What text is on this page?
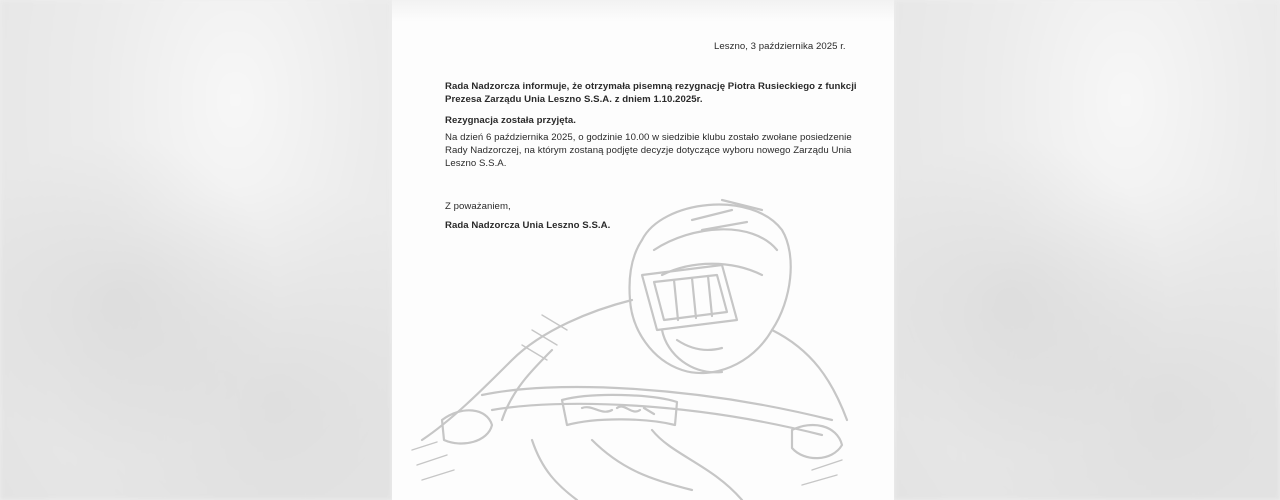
Leszno, 3 października 2025 r.
Rada Nadzorcza informuje, że otrzymała pisemną rezygnację Piotra Rusieckiego z funkcji
Prezesa Zarządu Unia Leszno S.S.A. z dniem 1.10.2025r.
Rezygnacja została przyjęta.
Na dzień 6 października 2025, o godzinie 10.00 w siedzibie klubu zostało zwołane posiedzenie
Rady Nadzorczej, na którym zostaną podjęte decyzje dotyczące wyboru nowego Zarządu Unia
Leszno S.S.A.
Z poważaniem,
Rada Nadzorcza Unia Leszno S.S.A.
